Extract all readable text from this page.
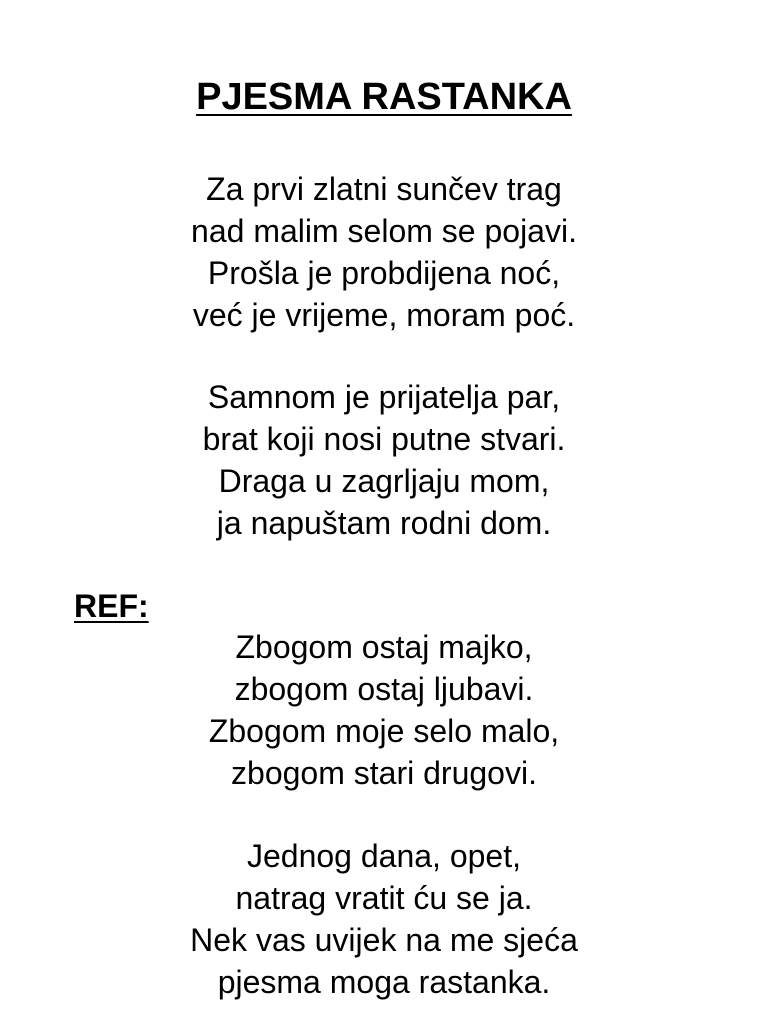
PJESMA RASTANKA
Za prvi zlatni sunčev trag
nad malim selom se pojavi.
Prošla je probdijena noć,
već je vrijeme, moram poć.
Samnom je prijatelja par,
brat koji nosi putne stvari.
Draga u zagrljaju mom,
ja napuštam rodni dom.
REF:
Zbogom ostaj majko,
zbogom ostaj ljubavi.
Zbogom moje selo malo,
zbogom stari drugovi.
Jednog dana, opet,
natrag vratit ću se ja.
Nek vas uvijek na me sjeća
pjesma moga rastanka.
